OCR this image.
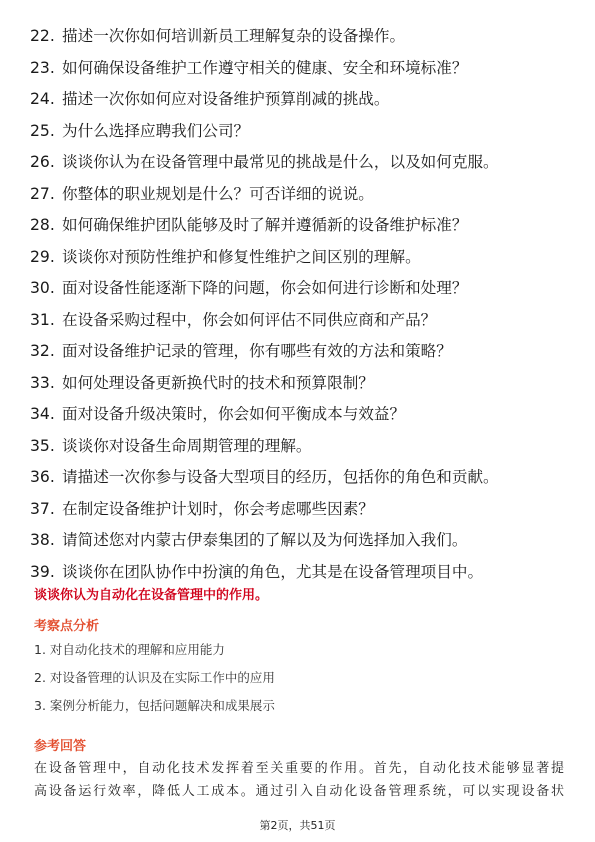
22. 描述一次你如何培训新员工理解复杂的设备操作。
23. 如何确保设备维护工作遵守相关的健康、安全和环境标准？
24. 描述一次你如何应对设备维护预算削减的挑战。
25. 为什么选择应聘我们公司？
26. 谈谈你认为在设备管理中最常见的挑战是什么，以及如何克服。
27. 你整体的职业规划是什么？可否详细的说说。
28. 如何确保维护团队能够及时了解并遵循新的设备维护标准？
29. 谈谈你对预防性维护和修复性维护之间区别的理解。
30. 面对设备性能逐渐下降的问题，你会如何进行诊断和处理？
31. 在设备采购过程中，你会如何评估不同供应商和产品？
32. 面对设备维护记录的管理，你有哪些有效的方法和策略？
33. 如何处理设备更新换代时的技术和预算限制？
34. 面对设备升级决策时，你会如何平衡成本与效益？
35. 谈谈你对设备生命周期管理的理解。
36. 请描述一次你参与设备大型项目的经历，包括你的角色和贡献。
37. 在制定设备维护计划时，你会考虑哪些因素？
38. 请简述您对内蒙古伊泰集团的了解以及为何选择加入我们。
39. 谈谈你在团队协作中扮演的角色，尤其是在设备管理项目中。
谈谈你认为自动化在设备管理中的作用。
考察点分析
1. 对自动化技术的理解和应用能力
2. 对设备管理的认识及在实际工作中的应用
3. 案例分析能力，包括问题解决和成果展示
参考回答
在设备管理中，自动化技术发挥着至关重要的作用。首先，自动化技术能够显著提
高设备运行效率，降低人工成本。通过引入自动化设备管理系统，可以实现设备状
第2页，共51页
